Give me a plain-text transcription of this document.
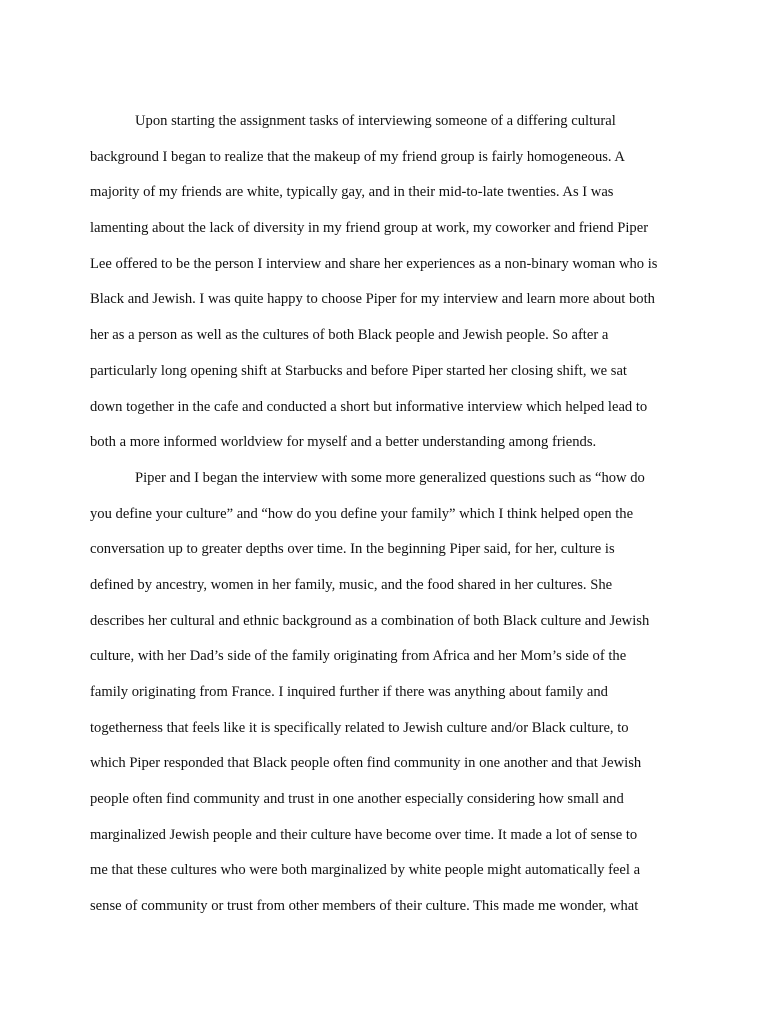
Upon starting the assignment tasks of interviewing someone of a differing cultural
background I began to realize that the makeup of my friend group is fairly homogeneous. A
majority of my friends are white, typically gay, and in their mid-to-late twenties. As I was
lamenting about the lack of diversity in my friend group at work, my coworker and friend Piper
Lee offered to be the person I interview and share her experiences as a non-binary woman who is
Black and Jewish. I was quite happy to choose Piper for my interview and learn more about both
her as a person as well as the cultures of both Black people and Jewish people. So after a
particularly long opening shift at Starbucks and before Piper started her closing shift, we sat
down together in the cafe and conducted a short but informative interview which helped lead to
both a more informed worldview for myself and a better understanding among friends.
Piper and I began the interview with some more generalized questions such as “how do
you define your culture” and “how do you define your family” which I think helped open the
conversation up to greater depths over time. In the beginning Piper said, for her, culture is
defined by ancestry, women in her family, music, and the food shared in her cultures. She
describes her cultural and ethnic background as a combination of both Black culture and Jewish
culture, with her Dad’s side of the family originating from Africa and her Mom’s side of the
family originating from France. I inquired further if there was anything about family and
togetherness that feels like it is specifically related to Jewish culture and/or Black culture, to
which Piper responded that Black people often find community in one another and that Jewish
people often find community and trust in one another especially considering how small and
marginalized Jewish people and their culture have become over time. It made a lot of sense to
me that these cultures who were both marginalized by white people might automatically feel a
sense of community or trust from other members of their culture. This made me wonder, what
